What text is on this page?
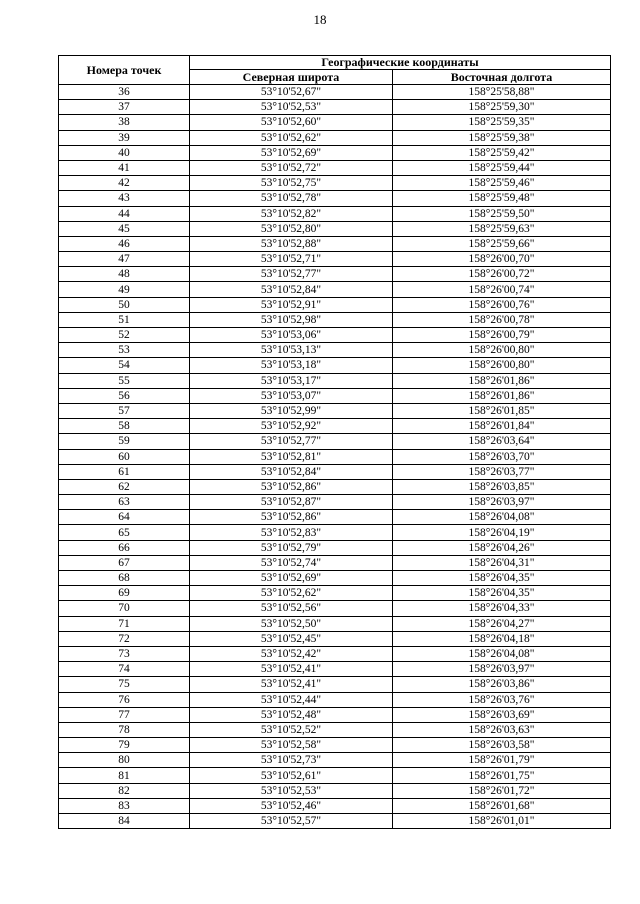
18
Номера точек	Географические координаты	
	Северная широта	Восточная долгота
36	53°10'52,67"	158°25'58,88"
37	53°10'52,53"	158°25'59,30"
38	53°10'52,60"	158°25'59,35"
39	53°10'52,62"	158°25'59,38"
40	53°10'52,69"	158°25'59,42"
41	53°10'52,72"	158°25'59,44"
42	53°10'52,75"	158°25'59,46"
43	53°10'52,78"	158°25'59,48"
44	53°10'52,82"	158°25'59,50"
45	53°10'52,80"	158°25'59,63"
46	53°10'52,88"	158°25'59,66"
47	53°10'52,71"	158°26'00,70"
48	53°10'52,77"	158°26'00,72"
49	53°10'52,84"	158°26'00,74"
50	53°10'52,91"	158°26'00,76"
51	53°10'52,98"	158°26'00,78"
52	53°10'53,06"	158°26'00,79"
53	53°10'53,13"	158°26'00,80"
54	53°10'53,18"	158°26'00,80"
55	53°10'53,17"	158°26'01,86"
56	53°10'53,07"	158°26'01,86"
57	53°10'52,99"	158°26'01,85"
58	53°10'52,92"	158°26'01,84"
59	53°10'52,77"	158°26'03,64"
60	53°10'52,81"	158°26'03,70"
61	53°10'52,84"	158°26'03,77"
62	53°10'52,86"	158°26'03,85"
63	53°10'52,87"	158°26'03,97"
64	53°10'52,86"	158°26'04,08"
65	53°10'52,83"	158°26'04,19"
66	53°10'52,79"	158°26'04,26"
67	53°10'52,74"	158°26'04,31"
68	53°10'52,69"	158°26'04,35"
69	53°10'52,62"	158°26'04,35"
70	53°10'52,56"	158°26'04,33"
71	53°10'52,50"	158°26'04,27"
72	53°10'52,45"	158°26'04,18"
73	53°10'52,42"	158°26'04,08"
74	53°10'52,41"	158°26'03,97"
75	53°10'52,41"	158°26'03,86"
76	53°10'52,44"	158°26'03,76"
77	53°10'52,48"	158°26'03,69"
78	53°10'52,52"	158°26'03,63"
79	53°10'52,58"	158°26'03,58"
80	53°10'52,73"	158°26'01,79"
81	53°10'52,61"	158°26'01,75"
82	53°10'52,53"	158°26'01,72"
83	53°10'52,46"	158°26'01,68"
84	53°10'52,57"	158°26'01,01"
